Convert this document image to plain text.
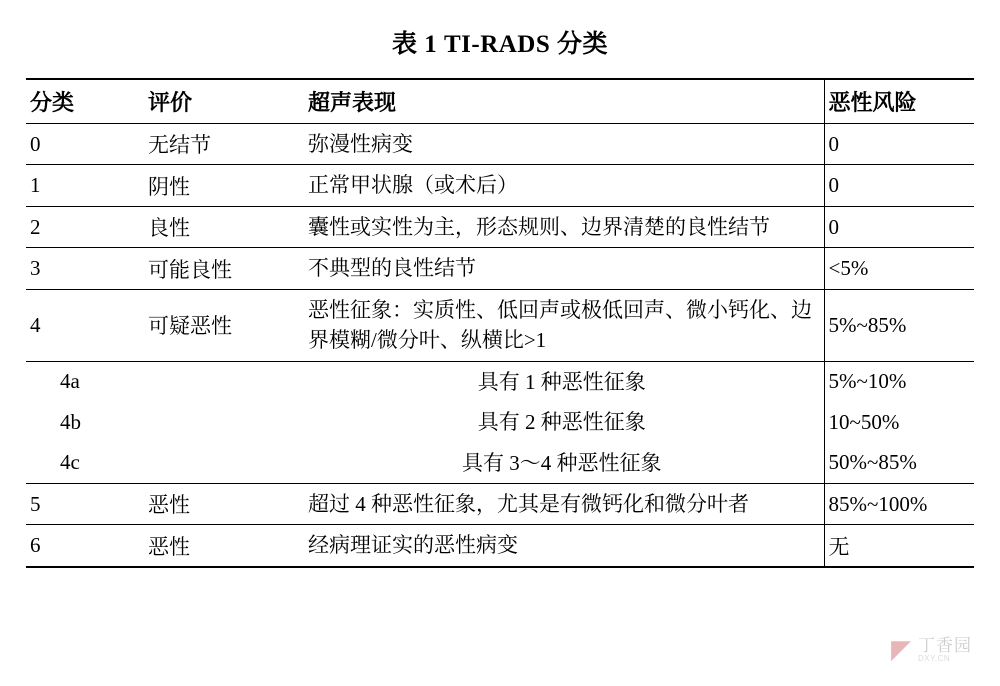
表 1 TI-RADS 分类
分类	评价	超声表现	恶性风险
0	无结节	弥漫性病变	0
1	阴性	正常甲状腺（或术后）	0
2	良性	囊性或实性为主，形态规则、边界清楚的良性结节	0
3	可能良性	不典型的良性结节	<5%
4	可疑恶性	恶性征象：实质性、低回声或极低回声、微小钙化、边界模糊/微分叶、纵横比>1	5%~85%
4a		具有 1 种恶性征象	5%~10%
4b		具有 2 种恶性征象	10~50%
4c		具有 3～4 种恶性征象	50%~85%
5	恶性	超过 4 种恶性征象，尤其是有微钙化和微分叶者	85%~100%
6	恶性	经病理证实的恶性病变	无
◤ 丁香园
DXY.CN
